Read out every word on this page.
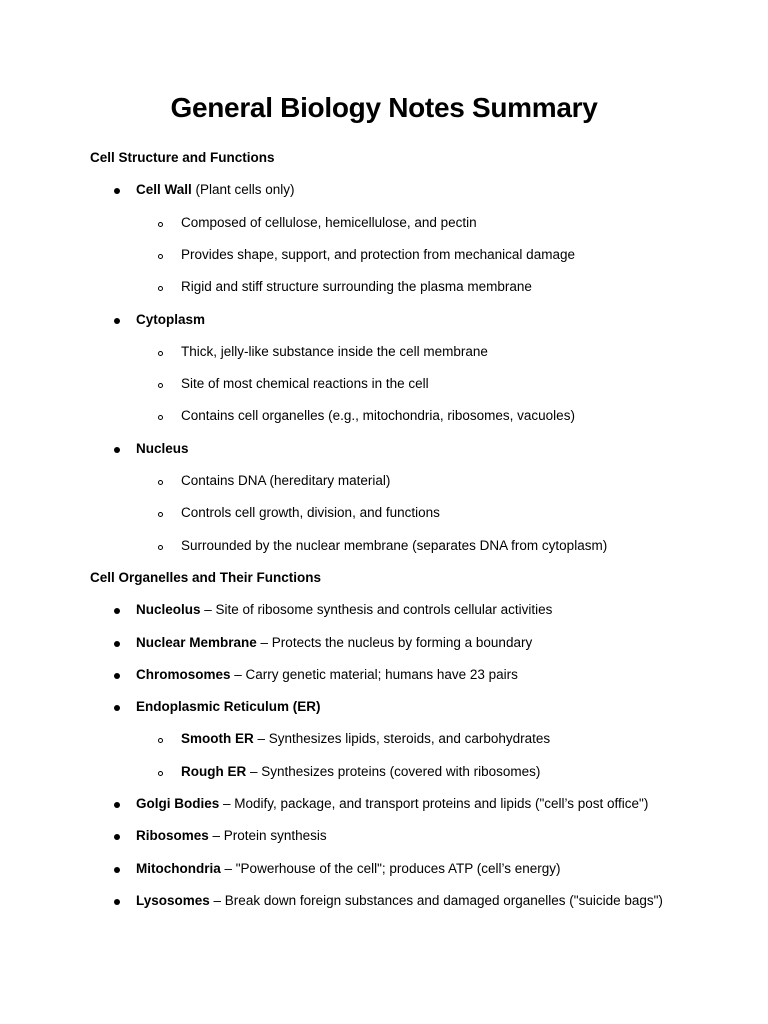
General Biology Notes Summary
Cell Structure and Functions
Cell Wall (Plant cells only)
Composed of cellulose, hemicellulose, and pectin
Provides shape, support, and protection from mechanical damage
Rigid and stiff structure surrounding the plasma membrane
Cytoplasm
Thick, jelly-like substance inside the cell membrane
Site of most chemical reactions in the cell
Contains cell organelles (e.g., mitochondria, ribosomes, vacuoles)
Nucleus
Contains DNA (hereditary material)
Controls cell growth, division, and functions
Surrounded by the nuclear membrane (separates DNA from cytoplasm)
Cell Organelles and Their Functions
Nucleolus – Site of ribosome synthesis and controls cellular activities
Nuclear Membrane – Protects the nucleus by forming a boundary
Chromosomes – Carry genetic material; humans have 23 pairs
Endoplasmic Reticulum (ER)
Smooth ER – Synthesizes lipids, steroids, and carbohydrates
Rough ER – Synthesizes proteins (covered with ribosomes)
Golgi Bodies – Modify, package, and transport proteins and lipids ("cell’s post office")
Ribosomes – Protein synthesis
Mitochondria – "Powerhouse of the cell"; produces ATP (cell’s energy)
Lysosomes – Break down foreign substances and damaged organelles ("suicide bags")
